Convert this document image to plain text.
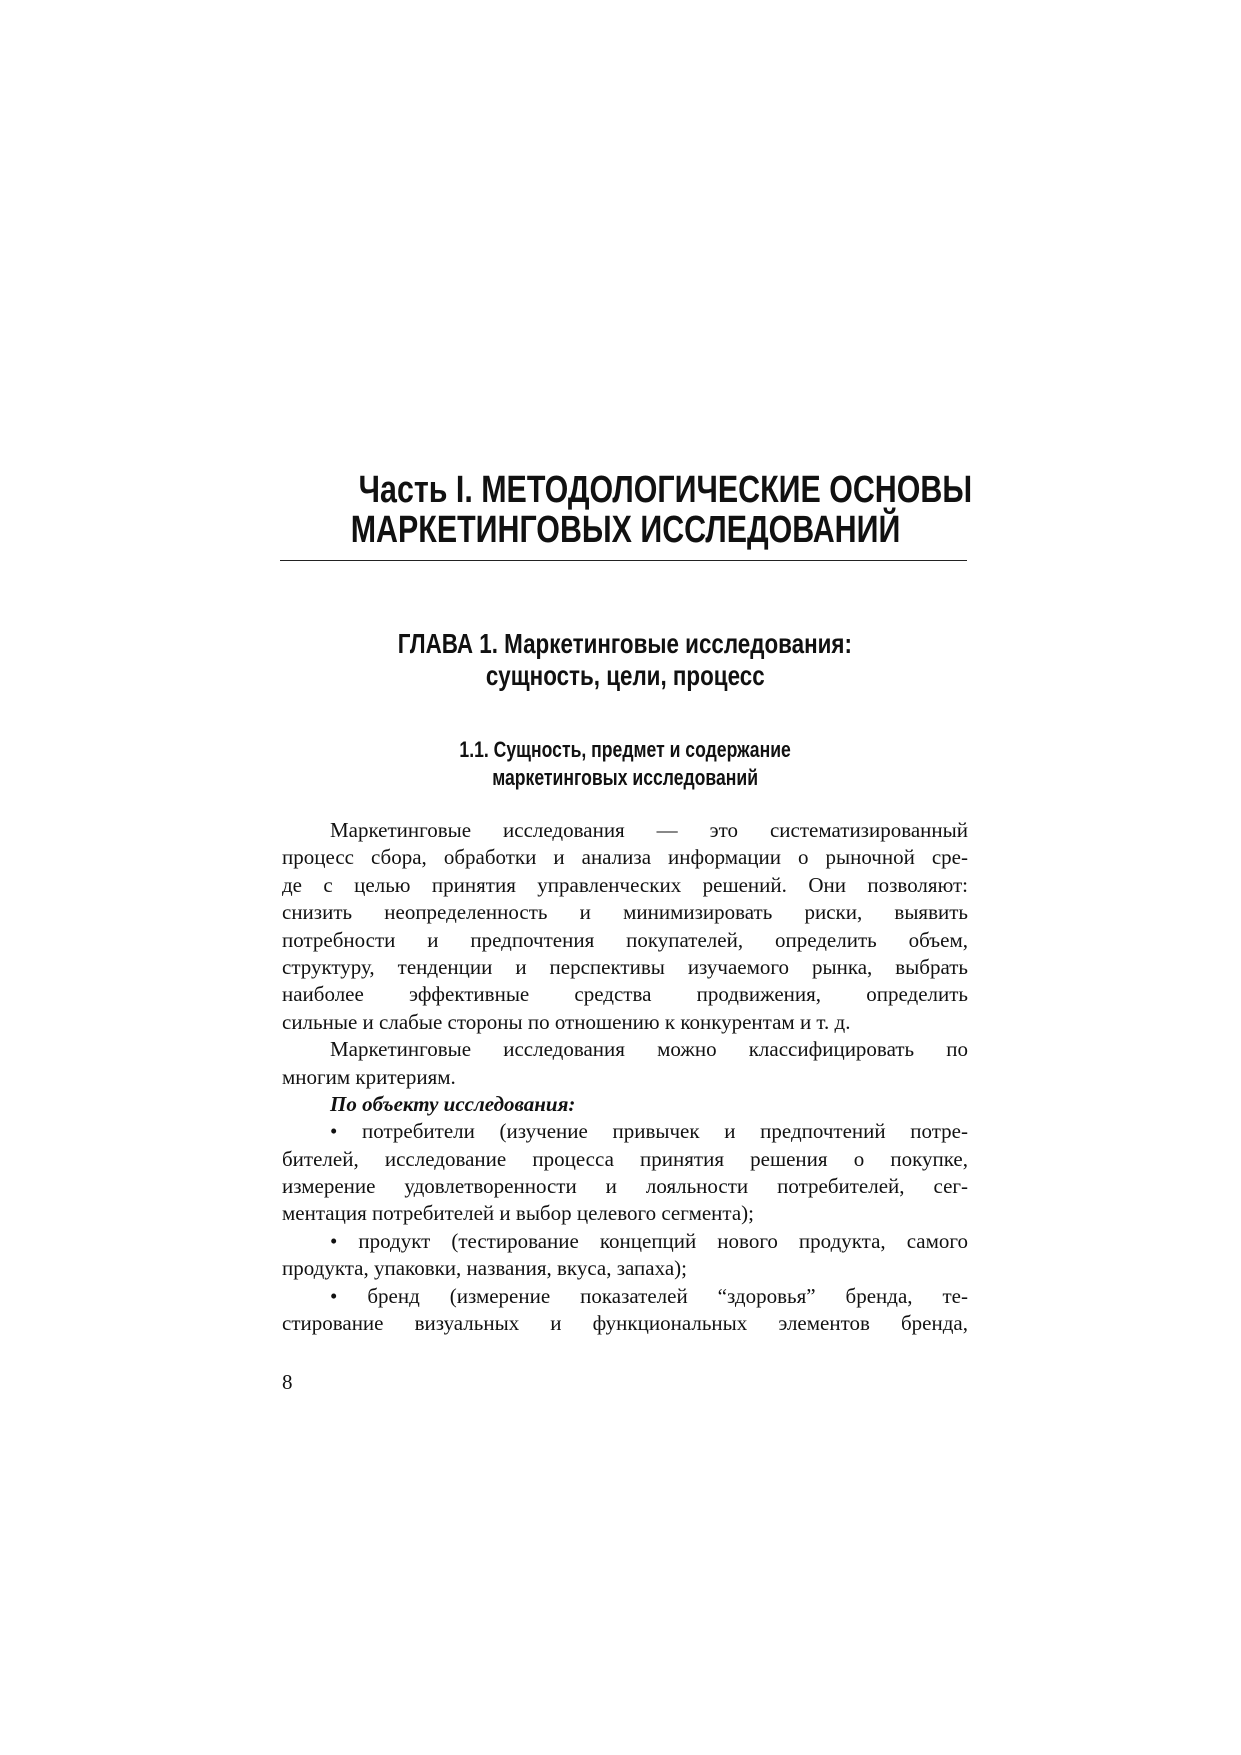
Часть I. МЕТОДОЛОГИЧЕСКИЕ ОСНОВЫ
МАРКЕТИНГОВЫХ ИССЛЕДОВАНИЙ
ГЛАВА 1. Маркетинговые исследования:
сущность, цели, процесс
1.1. Сущность, предмет и содержание
маркетинговых исследований
Маркетинговые исследования — это систематизированный
процесс сбора, обработки и анализа информации о рыночной сре-
де с целью принятия управленческих решений. Они позволяют:
снизить неопределенность и минимизировать риски, выявить
потребности и предпочтения покупателей, определить объем,
структуру, тенденции и перспективы изучаемого рынка, выбрать
наиболее эффективные средства продвижения, определить
сильные и слабые стороны по отношению к конкурентам и т. д.
Маркетинговые исследования можно классифицировать по
многим критериям.
По объекту исследования:
• потребители (изучение привычек и предпочтений потре-
бителей, исследование процесса принятия решения о покупке,
измерение удовлетворенности и лояльности потребителей, сег-
ментация потребителей и выбор целевого сегмента);
• продукт (тестирование концепций нового продукта, самого
продукта, упаковки, названия, вкуса, запаха);
• бренд (измерение показателей “здоровья” бренда, те-
стирование визуальных и функциональных элементов бренда,
8
